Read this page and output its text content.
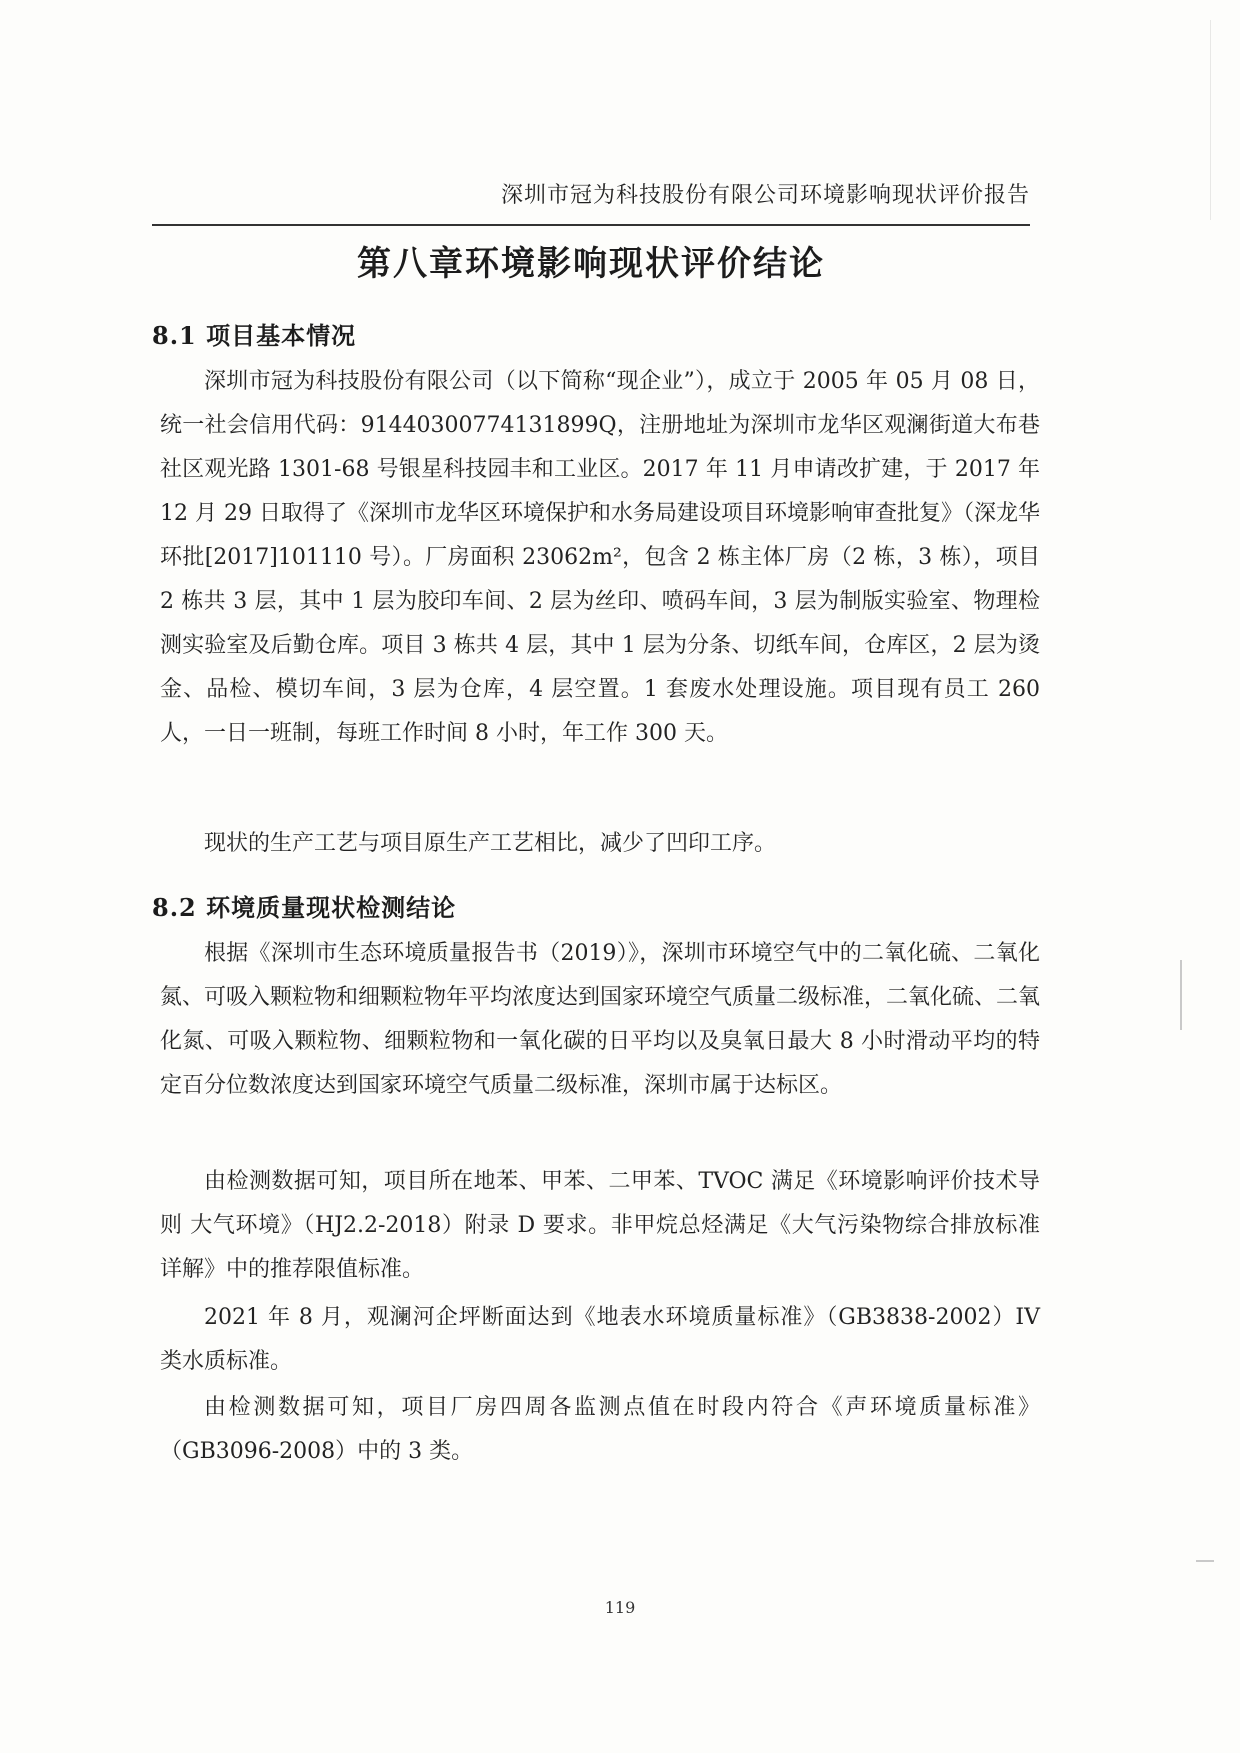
深圳市冠为科技股份有限公司环境影响现状评价报告
第八章环境影响现状评价结论
8.1 项目基本情况
深圳市冠为科技股份有限公司（以下简称“现企业”），成立于 2005 年 05 月 08 日，统一社会信用代码：91440300774131899Q，注册地址为深圳市龙华区观澜街道大布巷社区观光路 1301-68 号银星科技园丰和工业区。2017 年 11 月申请改扩建，于 2017 年 12 月 29 日取得了《深圳市龙华区环境保护和水务局建设项目环境影响审查批复》（深龙华环批[2017]101110 号）。厂房面积 23062m²，包含 2 栋主体厂房（2 栋，3 栋），项目 2 栋共 3 层，其中 1 层为胶印车间、2 层为丝印、喷码车间，3 层为制版实验室、物理检测实验室及后勤仓库。项目 3 栋共 4 层，其中 1 层为分条、切纸车间，仓库区，2 层为烫金、品检、模切车间，3 层为仓库，4 层空置。1 套废水处理设施。项目现有员工 260 人，一日一班制，每班工作时间 8 小时，年工作 300 天。
现状的生产工艺与项目原生产工艺相比，减少了凹印工序。
8.2 环境质量现状检测结论
根据《深圳市生态环境质量报告书（2019）》，深圳市环境空气中的二氧化硫、二氧化氮、可吸入颗粒物和细颗粒物年平均浓度达到国家环境空气质量二级标准，二氧化硫、二氧化氮、可吸入颗粒物、细颗粒物和一氧化碳的日平均以及臭氧日最大 8 小时滑动平均的特定百分位数浓度达到国家环境空气质量二级标准，深圳市属于达标区。
由检测数据可知，项目所在地苯、甲苯、二甲苯、TVOC 满足《环境影响评价技术导则 大气环境》（HJ2.2-2018）附录 D 要求。非甲烷总烃满足《大气污染物综合排放标准详解》中的推荐限值标准。
2021 年 8 月，观澜河企坪断面达到《地表水环境质量标准》（GB3838-2002）IV 类水质标准。
由检测数据可知，项目厂房四周各监测点值在时段内符合《声环境质量标准》（GB3096-2008）中的 3 类。
119
